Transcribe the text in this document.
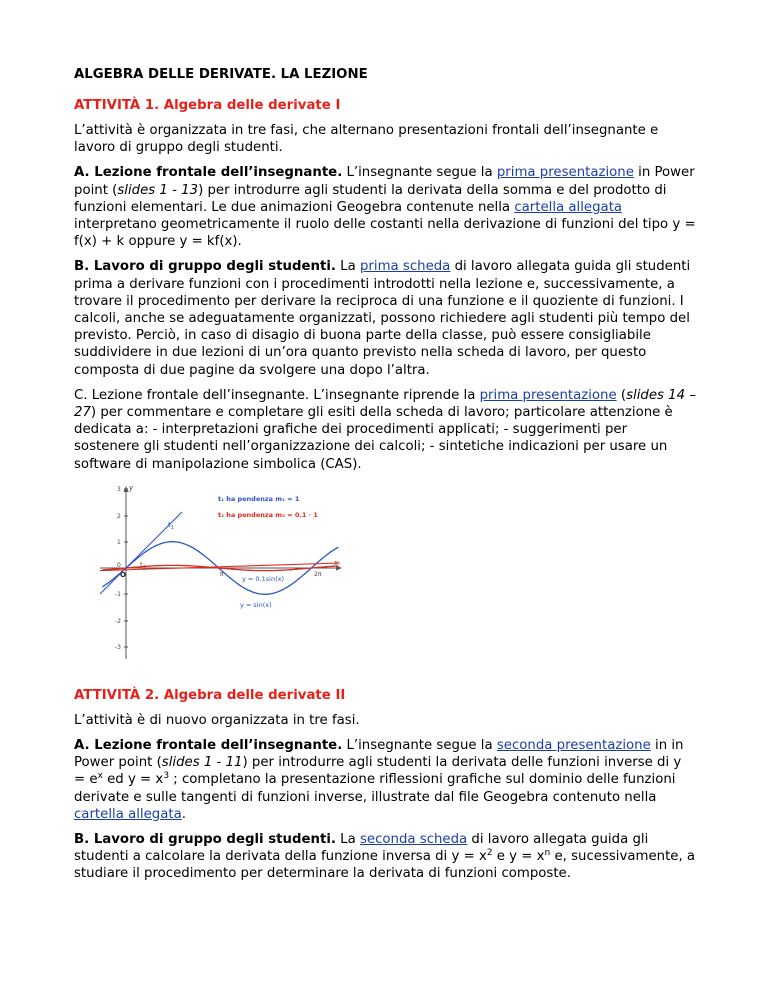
ALGEBRA DELLE DERIVATE. LA LEZIONE
ATTIVITÀ 1. Algebra delle derivate I

L’attività è organizzata in tre fasi, che alternano presentazioni frontali dell’insegnante e lavoro di gruppo degli studenti.

A. Lezione frontale dell’insegnante. L’insegnante segue la prima presentazione in Power point (slides 1 - 13) per introdurre agli studenti la derivata della somma e del prodotto di funzioni elementari. Le due animazioni Geogebra contenute nella cartella allegata interpretano geometricamente il ruolo delle costanti nella derivazione di funzioni del tipo y = f(x) + k oppure y = kf(x).

B. Lavoro di gruppo degli studenti. La prima scheda di lavoro allegata guida gli studenti prima a derivare funzioni con i procedimenti introdotti nella lezione e, successivamente, a trovare il procedimento per derivare la reciproca di una funzione e il quoziente di funzioni. I calcoli, anche se adeguatamente organizzati, possono richiedere agli studenti più tempo del previsto. Perciò, in caso di disagio di buona parte della classe, può essere consigliabile suddividere in due lezioni di un’ora quanto previsto nella scheda di lavoro, per questo composta di due pagine da svolgere una dopo l’altra.

C. Lezione frontale dell’insegnante. L’insegnante riprende la prima presentazione (slides 14 – 27) per commentare e completare gli esiti della scheda di lavoro; particolare attenzione è dedicata a: - interpretazioni grafiche dei procedimenti applicati; - suggerimenti per sostenere gli studenti nell’organizzazione dei calcoli; - sintetiche indicazioni per usare un software di manipolazione simbolica (CAS).

3
2
1
0
-1
-2
-3
y
O	π	2π
$t_1$
$t_2$
t₁ ha pendenza m₁ = 1
t₂ ha pendenza m₂ = 0.1 · 1
y = 0.1sin(x)
y = sin(x)
ATTIVITÀ 2. Algebra delle derivate II

L’attività è di nuovo organizzata in tre fasi.

A. Lezione frontale dell’insegnante. L’insegnante segue la seconda presentazione in in Power point (slides 1 - 11) per introdurre agli studenti la derivata delle funzioni inverse di $y = e^x$ ed $y = x^3$ ; completano la presentazione riflessioni grafiche sul dominio delle funzioni derivate e sulle tangenti di funzioni inverse, illustrate dal file Geogebra contenuto nella cartella allegata.

B. Lavoro di gruppo degli studenti. La seconda scheda di lavoro allegata guida gli studenti a calcolare la derivata della funzione inversa di $y = x^2$ e $y = x^n$ e, sucessivamente, a studiare il procedimento per determinare la derivata di funzioni composte.
